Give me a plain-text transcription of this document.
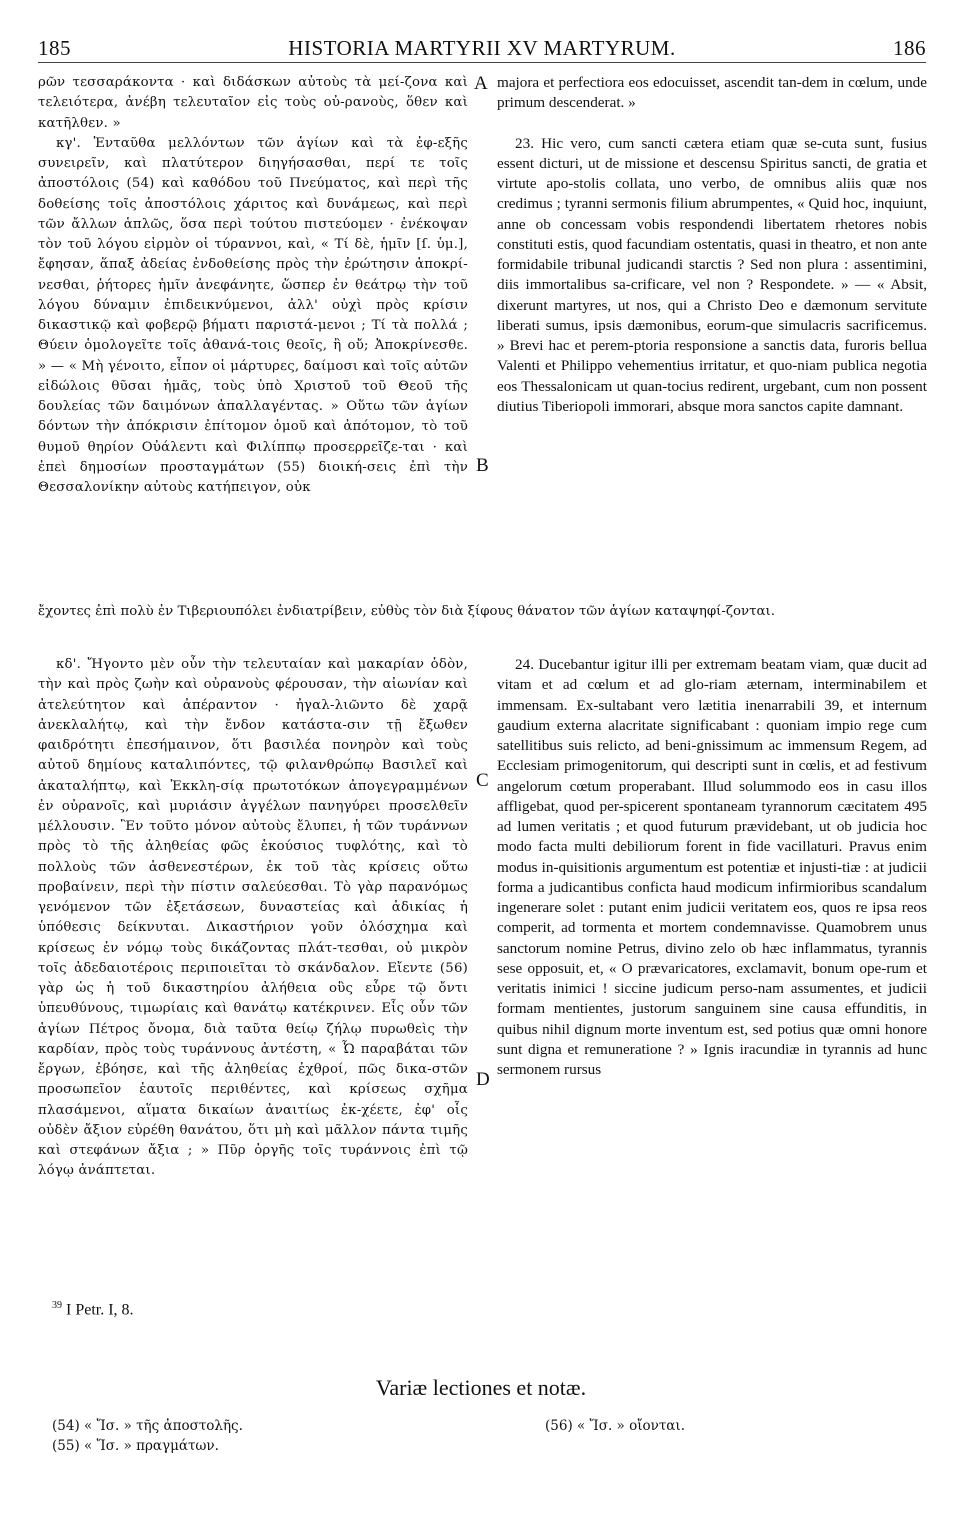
185	HISTORIA MARTYRII XV MARTYRUM.	186
A
B
C
D
ρῶν τεσσαράκοντα · καὶ διδάσκων αὐτοὺς τὰ μεί-ζονα καὶ τελειότερα, ἀνέβη τελευταῖον εἰς τοὺς οὐ-ρανοὺς, ὅθεν καὶ κατῆλθεν. »
κγ'. Ἐνταῦθα μελλόντων τῶν ἁγίων καὶ τὰ ἐφ-εξῆς συνειρεῖν, καὶ πλατύτερον διηγήσασθαι, περί τε τοῖς ἀποστόλοις (54) καὶ καθόδου τοῦ Πνεύματος, καὶ περὶ τῆς δοθείσης τοῖς ἀποστόλοις χάριτος καὶ δυνάμεως, καὶ περὶ τῶν ἄλλων ἁπλῶς, ὅσα περὶ τούτου πιστεύομεν · ἐνέκοψαν τὸν τοῦ λόγου εἱρμὸν οἱ τύραννοι, καὶ, « Τί δὲ, ἡμῖν [ſ. ὑμ.], ἔφησαν, ἅπαξ ἀδείας ἐνδοθείσης πρὸς τὴν ἐρώτησιν ἀποκρί-νεσθαι, ῥήτορες ἡμῖν ἀνεφάνητε, ὥσπερ ἐν θεάτρῳ τὴν τοῦ λόγου δύναμιν ἐπιδεικνύμενοι, ἀλλ' οὐχὶ πρὸς κρίσιν δικαστικῷ καὶ φοβερῷ βήματι παριστά-μενοι ; Τί τὰ πολλά ; Θύειν ὁμολογεῖτε τοῖς ἀθανά-τοις θεοῖς, ἢ οὔ; Ἀποκρίνεσθε. » — « Μὴ γένοιτο, εἶπον οἱ μάρτυρες, δαίμοσι καὶ τοῖς αὐτῶν εἰδώλοις θῦσαι ἡμᾶς, τοὺς ὑπὸ Χριστοῦ τοῦ Θεοῦ τῆς δουλείας τῶν δαιμόνων ἀπαλλαγέντας. » Οὕτω τῶν ἁγίων δόντων τὴν ἀπόκρισιν ἐπίτομον ὁμοῦ καὶ ἀπότομον, τὸ τοῦ θυμοῦ θηρίον Οὐάλεντι καὶ Φιλίππῳ προσερρεῖζε-ται · καὶ ἐπεὶ δημοσίων προσταγμάτων (55) διοική-σεις ἐπὶ τὴν Θεσσαλονίκην αὐτοὺς κατήπειγον, οὐκ
majora et perfectiora eos edocuisset, ascendit tan-dem in cœlum, unde primum descenderat. »
23. Hic vero, cum sancti cætera etiam quæ se-cuta sunt, fusius essent dicturi, ut de missione et descensu Spiritus sancti, de gratia et virtute apo-stolis collata, uno verbo, de omnibus aliis quæ nos credimus ; tyranni sermonis filium abrumpentes, « Quid hoc, inquiunt, anne ob concessam vobis respondendi libertatem rhetores nobis constituti estis, quod facundiam ostentatis, quasi in theatro, et non ante formidabile tribunal judicandi starctis ? Sed non plura : assentimini, diis immortalibus sa-crificare, vel non ? Respondete. » — « Absit, dixerunt martyres, ut nos, qui a Christo Deo e dæmonum servitute liberati sumus, ipsis dæmonibus, eorum-que simulacris sacrificemus. » Brevi hac et perem-ptoria responsione a sanctis data, furoris bellua Valenti et Philippo vehementius irritatur, et quo-niam publica negotia eos Thessalonicam ut quan-tocius redirent, urgebant, cum non possent diutius Tiberiopoli immorari, absque mora sanctos capite damnant.
ἔχοντες ἐπὶ πολὺ ἐν Τιβεριουπόλει ἐνδιατρίβειν, εὐθὺς τὸν διὰ ξίφους θάνατον τῶν ἁγίων καταψηφί-ζονται.
κδ'. Ἤγοντο μὲν οὖν τὴν τελευταίαν καὶ μακαρίαν ὁδὸν, τὴν καὶ πρὸς ζωὴν καὶ οὐρανοὺς φέρουσαν, τὴν αἰωνίαν καὶ ἀτελεύτητον καὶ ἀπέραντον · ἠγαλ-λιῶντο δὲ χαρᾷ ἀνεκλαλήτῳ, καὶ τὴν ἔνδον κατάστα-σιν τῇ ἔξωθεν φαιδρότητι ἐπεσήμαινον, ὅτι βασιλέα πονηρὸν καὶ τοὺς αὐτοῦ δημίους καταλιπόντες, τῷ φιλανθρώπῳ Βασιλεῖ καὶ ἀκαταλήπτῳ, καὶ Ἐκκλη-σίᾳ πρωτοτόκων ἀπογεγραμμένων ἐν οὐρανοῖς, καὶ μυριάσιν ἀγγέλων πανηγύρει προσελθεῖν μέλλουσιν. Ἓν τοῦτο μόνον αὐτοὺς ἔλυπει, ἡ τῶν τυράννων πρὸς τὸ τῆς ἀληθείας φῶς ἑκούσιος τυφλότης, καὶ τὸ πολλοὺς τῶν ἀσθενεστέρων, ἐκ τοῦ τὰς κρίσεις οὕτω προβαίνειν, περὶ τὴν πίστιν σαλεύεσθαι. Τὸ γὰρ παρανόμως γενόμενον τῶν ἐξετάσεων, δυναστείας καὶ ἀδικίας ἡ ὑπόθεσις δείκνυται. Δικαστήριον γοῦν ὀλόσχημα καὶ κρίσεως ἐν νόμῳ τοὺς δικάζοντας πλάτ-τεσθαι, οὐ μικρὸν τοῖς ἀδεδαιοτέροις περιποιεῖται τὸ σκάνδαλον. Εἴεντε (56) γὰρ ὡς ἡ τοῦ δικαστηρίου ἀλήθεια οὓς εὗρε τῷ ὄντι ὑπευθύνους, τιμωρίαις καὶ θανάτῳ κατέκρινεν. Εἷς οὖν τῶν ἁγίων Πέτρος ὄνομα, διὰ ταῦτα θείῳ ζήλῳ πυρωθεὶς τὴν καρδίαν, πρὸς τοὺς τυράννους ἀντέστη, « Ὦ παραβάται τῶν ἔργων, ἐβόησε, καὶ τῆς ἀληθείας ἐχθροί, πῶς δικα-στῶν προσωπεῖον ἑαυτοῖς περιθέντες, καὶ κρίσεως σχῆμα πλασάμενοι, αἵματα δικαίων ἀναιτίως ἐκ-χέετε, ἐφ' οἷς οὐδὲν ἄξιον εὑρέθη θανάτου, ὅτι μὴ καὶ μᾶλλον πάντα τιμῆς καὶ στεφάνων ἄξια ; » Πῦρ ὀργῆς τοῖς τυράννοις ἐπὶ τῷ λόγῳ ἀνάπτεται.
24. Ducebantur igitur illi per extremam beatam viam, quæ ducit ad vitam et ad cœlum et ad glo-riam æternam, interminabilem et immensam. Ex-sultabant vero lætitia inenarrabili 39, et internum gaudium externa alacritate significabant : quoniam impio rege cum satellitibus suis relicto, ad beni-gnissimum ac immensum Regem, ad Ecclesiam primogenitorum, qui descripti sunt in cœlis, et ad festivum angelorum cœtum properabant. Illud solummodo eos in casu illos affligebat, quod per-spicerent spontaneam tyrannorum cæcitatem 495 ad lumen veritatis ; et quod futurum prævidebant, ut ob judicia hoc modo facta multi debiliorum forent in fide vacillaturi. Pravus enim modus in-quisitionis argumentum est potentiæ et injusti-tiæ : at judicii forma a judicantibus conficta haud modicum infirmioribus scandalum ingenerare solet : putant enim judicii veritatem eos, quos re ipsa reos comperit, ad tormenta et mortem condemnavisse. Quamobrem unus sanctorum nomine Petrus, divino zelo ob hæc inflammatus, tyrannis sese opposuit, et, « O prævaricatores, exclamavit, bonum ope-rum et veritatis inimici ! siccine judicum perso-nam assumentes, et judicii formam mentientes, justorum sanguinem sine causa effunditis, in quibus nihil dignum morte inventum est, sed potius quæ omni honore sunt digna et remuneratione ? » Ignis iracundiæ in tyrannis ad hunc sermonem rursus
$^{39}$ I Petr. I, 8.
Variæ lectiones et notæ.
(54) « Ἴσ. » τῆς ἀποστολῆς.
(55) « Ἴσ. » πραγμάτων.
(56) « Ἴσ. » οἴονται.
